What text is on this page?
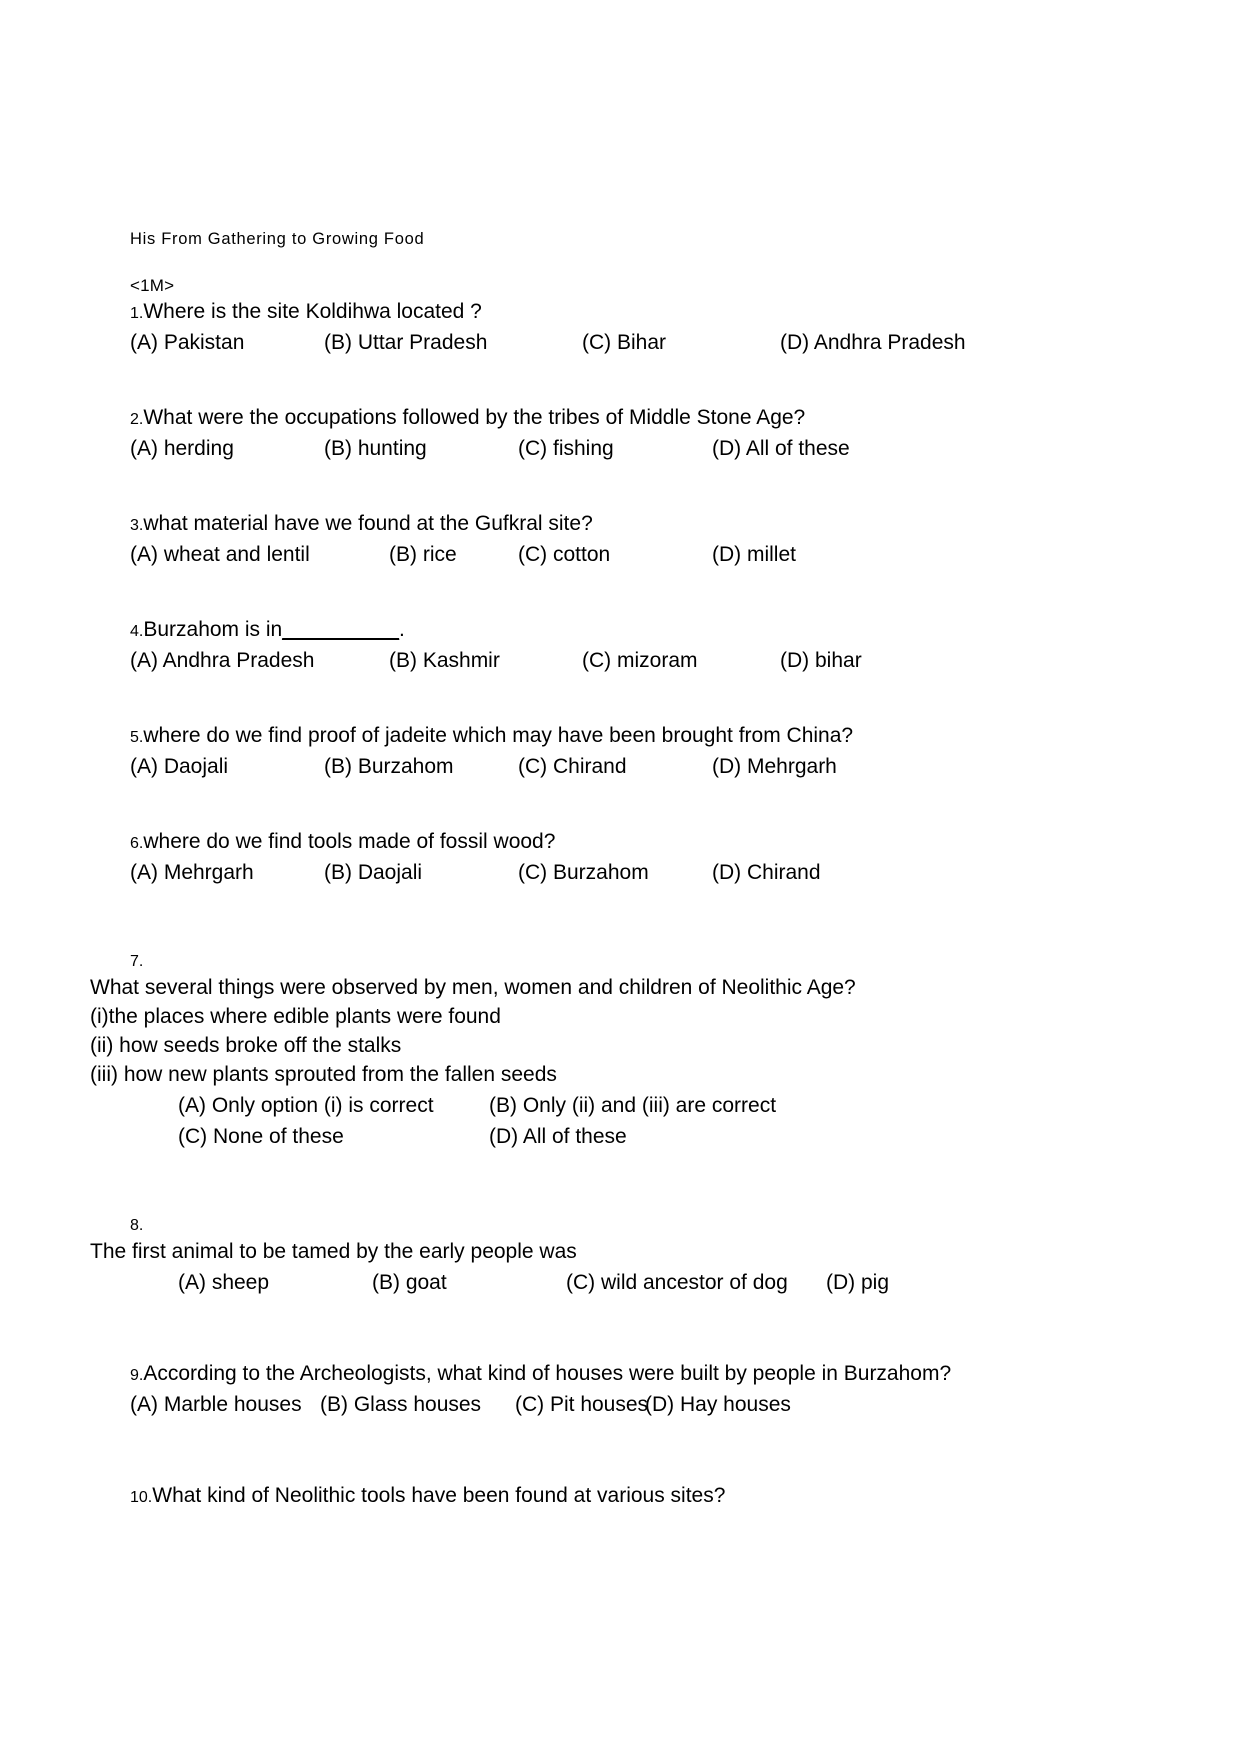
His From Gathering to Growing Food
<1M>
1.Where is the site Koldihwa located ?
(A) Pakistan	(B) Uttar Pradesh	(C) Bihar	(D) Andhra Pradesh
2.What were the occupations followed by the tribes of Middle Stone Age?
(A) herding	(B) hunting	(C) fishing	(D) All of these
3.what material have we found at the Gufkral site?
(A) wheat and lentil	(B) rice	(C) cotton	(D) millet
4.Burzahom is in__________.
(A) Andhra Pradesh	(B) Kashmir	(C) mizoram	(D) bihar
5.where do we find proof of jadeite which may have been brought from China?
(A) Daojali	(B) Burzahom	(C) Chirand	(D) Mehrgarh
6.where do we find tools made of fossil wood?
(A) Mehrgarh	(B) Daojali	(C) Burzahom	(D) Chirand
7.
What several things were observed by men, women and children of Neolithic Age?
(i)the places where edible plants were found
(ii) how seeds broke off the stalks
(iii) how new plants sprouted from the fallen seeds
(A) Only option (i) is correct	(B) Only (ii) and (iii) are correct
(C) None of these	(D) All of these
8.
The first animal to be tamed by the early people was
(A) sheep	(B) goat	(C) wild ancestor of dog (D) pig
9.According to the Archeologists, what kind of houses were built by people in Burzahom?
(A) Marble houses (B) Glass houses (C) Pit houses
(D) Hay houses
10.What kind of Neolithic tools have been found at various sites?
